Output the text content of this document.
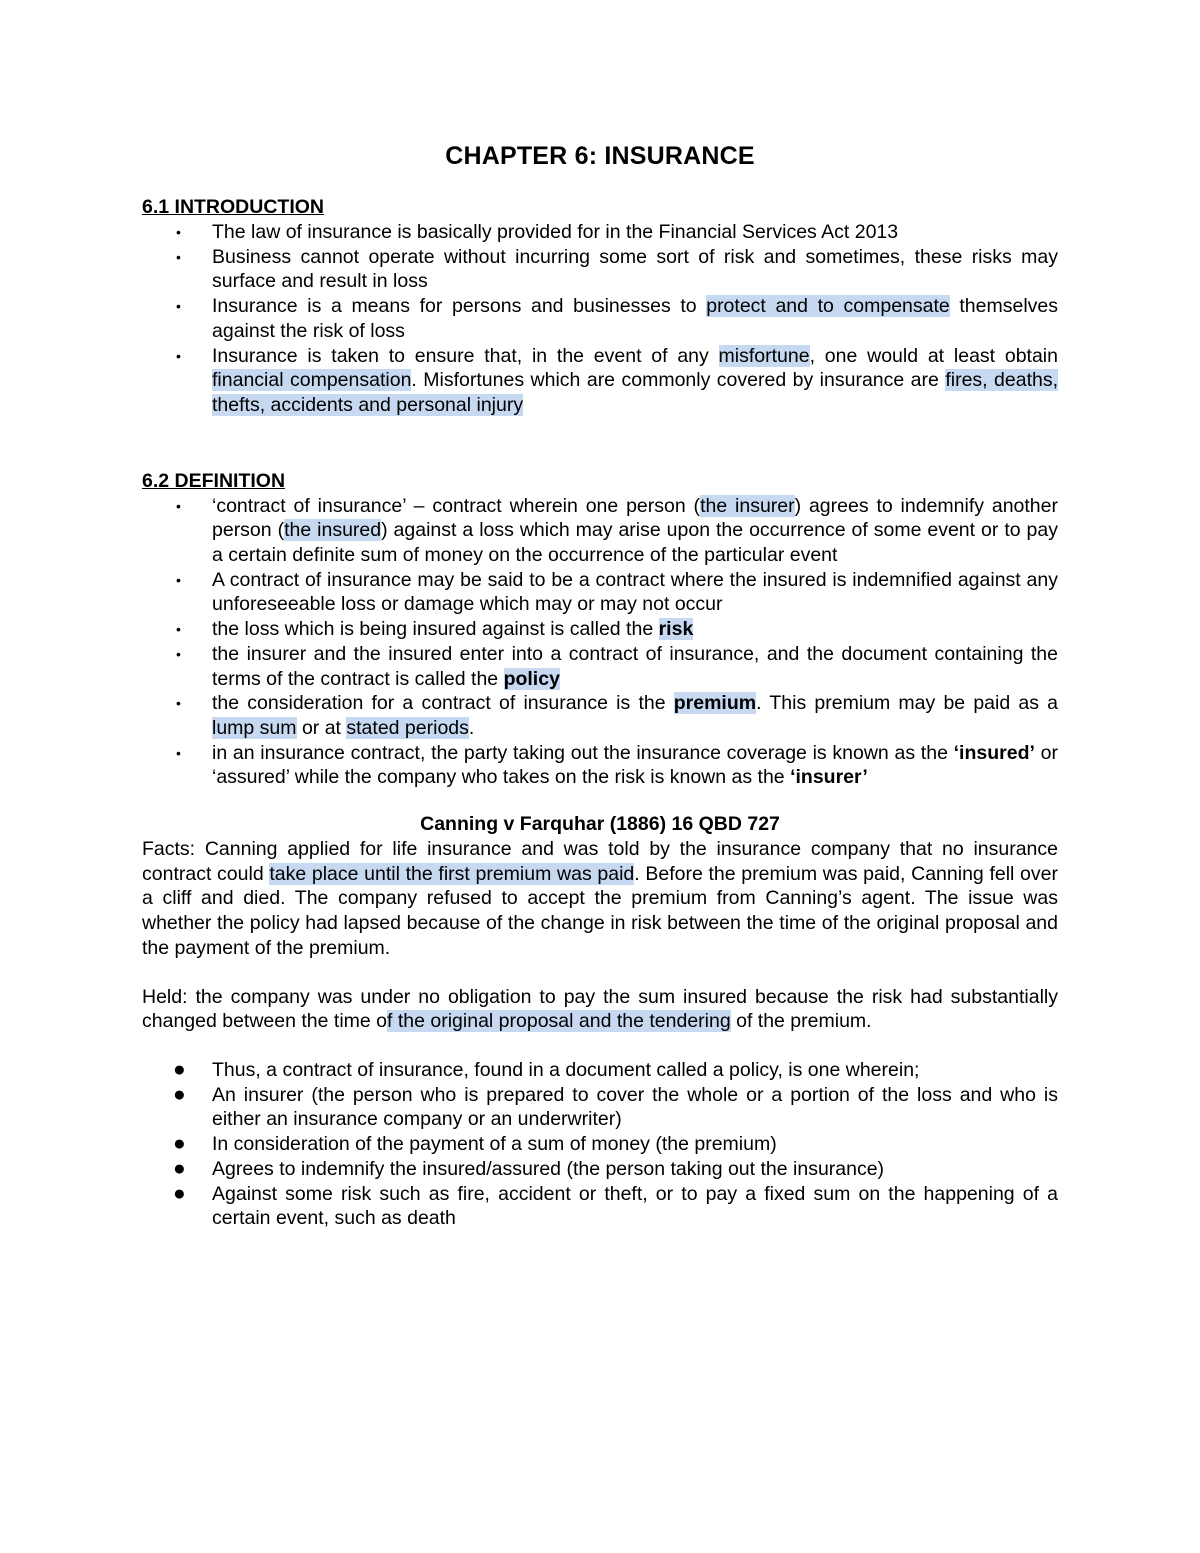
CHAPTER 6: INSURANCE
6.1 INTRODUCTION
• The law of insurance is basically provided for in the Financial Services Act 2013
• Business cannot operate without incurring some sort of risk and sometimes, these risks may surface and result in loss
• Insurance is a means for persons and businesses to protect and to compensate themselves against the risk of loss
• Insurance is taken to ensure that, in the event of any misfortune, one would at least obtain financial compensation. Misfortunes which are commonly covered by insurance are fires, deaths, thefts, accidents and personal injury
6.2 DEFINITION
• ‘contract of insurance’ – contract wherein one person (the insurer) agrees to indemnify another person (the insured) against a loss which may arise upon the occurrence of some event or to pay a certain definite sum of money on the occurrence of the particular event
• A contract of insurance may be said to be a contract where the insured is indemnified against any unforeseeable loss or damage which may or may not occur
• the loss which is being insured against is called the risk
• the insurer and the insured enter into a contract of insurance, and the document containing the terms of the contract is called the policy
• the consideration for a contract of insurance is the premium. This premium may be paid as a lump sum or at stated periods.
• in an insurance contract, the party taking out the insurance coverage is known as the ‘insured’ or ‘assured’ while the company who takes on the risk is known as the ‘insurer’
Canning v Farquhar (1886) 16 QBD 727

Facts: Canning applied for life insurance and was told by the insurance company that no insurance contract could take place until the first premium was paid. Before the premium was paid, Canning fell over a cliff and died. The company refused to accept the premium from Canning’s agent. The issue was whether the policy had lapsed because of the change in risk between the time of the original proposal and the payment of the premium.

Held: the company was under no obligation to pay the sum insured because the risk had substantially changed between the time of the original proposal and the tendering of the premium.

● Thus, a contract of insurance, found in a document called a policy, is one wherein;
● An insurer (the person who is prepared to cover the whole or a portion of the loss and who is either an insurance company or an underwriter)
● In consideration of the payment of a sum of money (the premium)
● Agrees to indemnify the insured/assured (the person taking out the insurance)
● Against some risk such as fire, accident or theft, or to pay a fixed sum on the happening of a certain event, such as death
